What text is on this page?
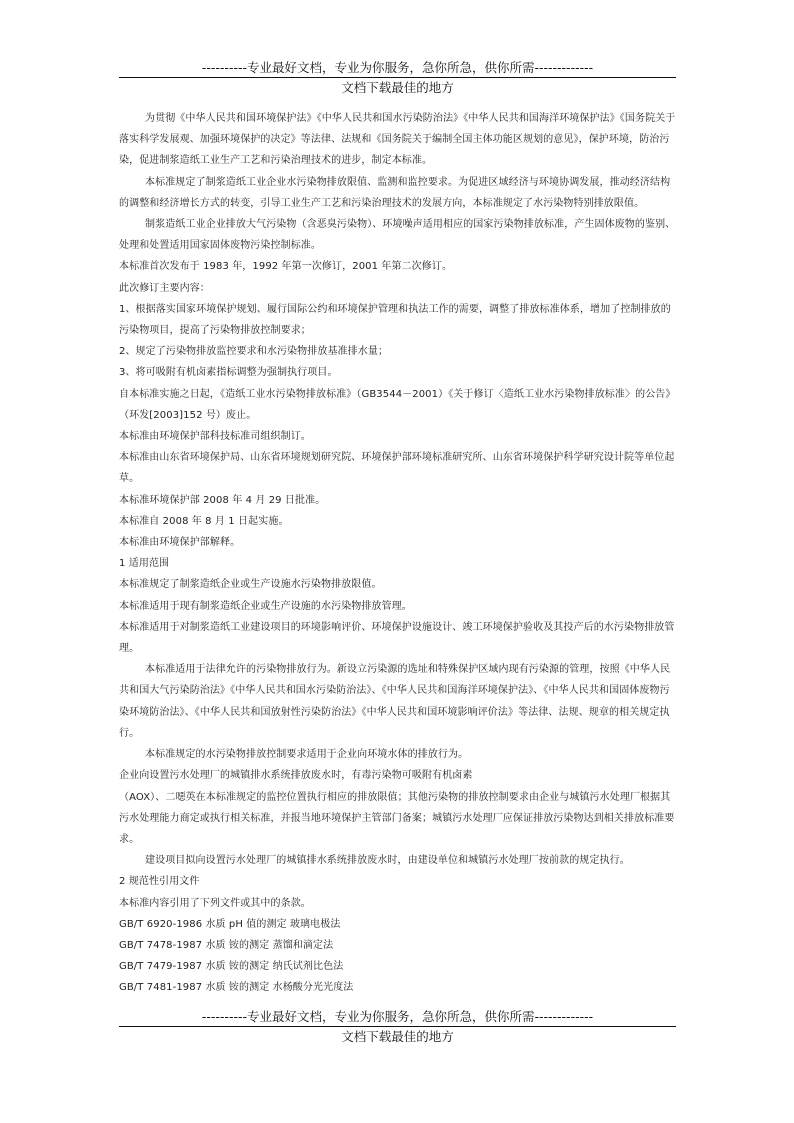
----------专业最好文档，专业为你服务，急你所急，供你所需-------------
文档下载最佳的地方

为贯彻《中华人民共和国环境保护法》《中华人民共和国水污染防治法》《中华人民共和国海洋环境保护法》《国务院关于落实科学发展观、加强环境保护的决定》等法律、法规和《国务院关于编制全国主体功能区规划的意见》，保护环境，防治污染，促进制浆造纸工业生产工艺和污染治理技术的进步，制定本标准。

本标准规定了制浆造纸工业企业水污染物排放限值、监测和监控要求。为促进区域经济与环境协调发展，推动经济结构的调整和经济增长方式的转变，引导工业生产工艺和污染治理技术的发展方向，本标准规定了水污染物特别排放限值。

制浆造纸工业企业排放大气污染物（含恶臭污染物）、环境噪声适用相应的国家污染物排放标准，产生固体废物的鉴别、处理和处置适用国家固体废物污染控制标准。

本标准首次发布于 1983 年，1992 年第一次修订，2001 年第二次修订。

此次修订主要内容：

1、根据落实国家环境保护规划、履行国际公约和环境保护管理和执法工作的需要，调整了排放标准体系，增加了控制排放的污染物项目，提高了污染物排放控制要求；

2、规定了污染物排放监控要求和水污染物排放基准排水量；

3、将可吸附有机卤素指标调整为强制执行项目。

自本标准实施之日起，《造纸工业水污染物排放标准》（GB3544－2001）《关于修订〈造纸工业水污染物排放标准〉的公告》（环发[2003]152 号）废止。

本标准由环境保护部科技标准司组织制订。

本标准由山东省环境保护局、山东省环境规划研究院、环境保护部环境标准研究所、山东省环境保护科学研究设计院等单位起草。

本标准环境保护部 2008 年 4 月 29 日批准。

本标准自 2008 年 8 月 1 日起实施。

本标准由环境保护部解释。

1 适用范围

本标准规定了制浆造纸企业或生产设施水污染物排放限值。

本标准适用于现有制浆造纸企业或生产设施的水污染物排放管理。

本标准适用于对制浆造纸工业建设项目的环境影响评价、环境保护设施设计、竣工环境保护验收及其投产后的水污染物排放管理。

本标准适用于法律允许的污染物排放行为。新设立污染源的选址和特殊保护区域内现有污染源的管理，按照《中华人民共和国大气污染防治法》《中华人民共和国水污染防治法》、《中华人民共和国海洋环境保护法》、《中华人民共和国固体废物污染环境防治法》、《中华人民共和国放射性污染防治法》《中华人民共和国环境影响评价法》等法律、法规、规章的相关规定执行。

本标准规定的水污染物排放控制要求适用于企业向环境水体的排放行为。

企业向设置污水处理厂的城镇排水系统排放废水时，有毒污染物可吸附有机卤素

（AOX）、二噁英在本标准规定的监控位置执行相应的排放限值；其他污染物的排放控制要求由企业与城镇污水处理厂根据其污水处理能力商定或执行相关标准，并报当地环境保护主管部门备案；城镇污水处理厂应保证排放污染物达到相关排放标准要求。

建设项目拟向设置污水处理厂的城镇排水系统排放废水时，由建设单位和城镇污水处理厂按前款的规定执行。

2 规范性引用文件

本标准内容引用了下列文件或其中的条款。

GB/T 6920-1986 水质 pH 值的测定 玻璃电极法

GB/T 7478-1987 水质 铵的测定 蒸馏和滴定法

GB/T 7479-1987 水质 铵的测定 纳氏试剂比色法

GB/T 7481-1987 水质 铵的测定 水杨酸分光光度法

----------专业最好文档，专业为你服务，急你所急，供你所需-------------
文档下载最佳的地方
